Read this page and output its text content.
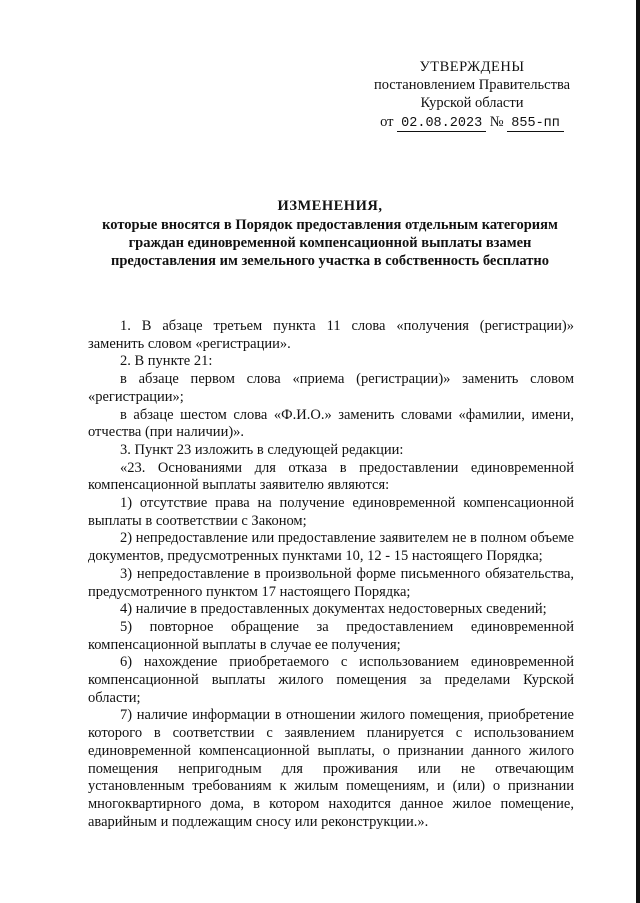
УТВЕРЖДЕНЫ
постановлением Правительства
Курской области
от 02.08.2023 № 855-пп
ИЗМЕНЕНИЯ,
которые вносятся в Порядок предоставления отдельным категориям граждан единовременной компенсационной выплаты взамен предоставления им земельного участка в собственность бесплатно

1. В абзаце третьем пункта 11 слова «получения (регистрации)» заменить словом «регистрации».

2. В пункте 21:

в абзаце первом слова «приема (регистрации)» заменить словом «регистрации»;

в абзаце шестом слова «Ф.И.О.» заменить словами «фамилии, имени, отчества (при наличии)».

3. Пункт 23 изложить в следующей редакции:

«23. Основаниями для отказа в предоставлении единовременной компенсационной выплаты заявителю являются:

1) отсутствие права на получение единовременной компенсационной выплаты в соответствии с Законом;

2) непредоставление или предоставление заявителем не в полном объеме документов, предусмотренных пунктами 10, 12 - 15 настоящего Порядка;

3) непредоставление в произвольной форме письменного обязательства, предусмотренного пунктом 17 настоящего Порядка;

4) наличие в предоставленных документах недостоверных сведений;

5) повторное обращение за предоставлением единовременной компенсационной выплаты в случае ее получения;

6) нахождение приобретаемого с использованием единовременной компенсационной выплаты жилого помещения за пределами Курской области;

7) наличие информации в отношении жилого помещения, приобретение которого в соответствии с заявлением планируется с использованием единовременной компенсационной выплаты, о признании данного жилого помещения непригодным для проживания или не отвечающим установленным требованиям к жилым помещениям, и (или) о признании многоквартирного дома, в котором находится данное жилое помещение, аварийным и подлежащим сносу или реконструкции.».
